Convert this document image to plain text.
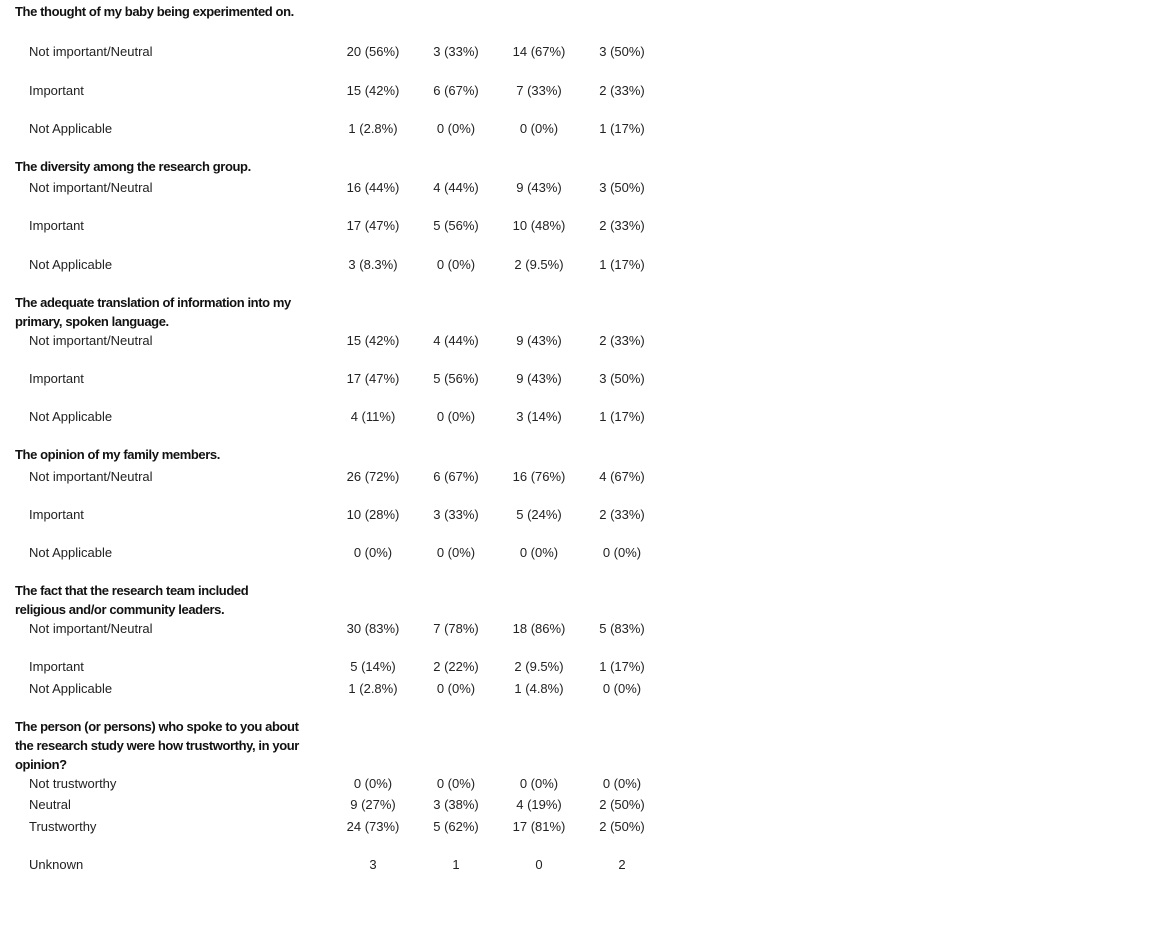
The thought of my baby being experimented on.
Not important/Neutral	20 (56%)	3 (33%)	14 (67%)	3 (50%)
Important	15 (42%)	6 (67%)	7 (33%)	2 (33%)
Not Applicable	1 (2.8%)	0 (0%)	0 (0%)	1 (17%)
The diversity among the research group.
Not important/Neutral	16 (44%)	4 (44%)	9 (43%)	3 (50%)
Important	17 (47%)	5 (56%)	10 (48%)	2 (33%)
Not Applicable	3 (8.3%)	0 (0%)	2 (9.5%)	1 (17%)
The adequate translation of information into my primary, spoken language.
Not important/Neutral	15 (42%)	4 (44%)	9 (43%)	2 (33%)
Important	17 (47%)	5 (56%)	9 (43%)	3 (50%)
Not Applicable	4 (11%)	0 (0%)	3 (14%)	1 (17%)
The opinion of my family members.
Not important/Neutral	26 (72%)	6 (67%)	16 (76%)	4 (67%)
Important	10 (28%)	3 (33%)	5 (24%)	2 (33%)
Not Applicable	0 (0%)	0 (0%)	0 (0%)	0 (0%)
The fact that the research team included religious and/or community leaders.
Not important/Neutral	30 (83%)	7 (78%)	18 (86%)	5 (83%)
Important	5 (14%)	2 (22%)	2 (9.5%)	1 (17%)
Not Applicable	1 (2.8%)	0 (0%)	1 (4.8%)	0 (0%)
The person (or persons) who spoke to you about the research study were how trustworthy, in your opinion?
Not trustworthy	0 (0%)	0 (0%)	0 (0%)	0 (0%)
Neutral	9 (27%)	3 (38%)	4 (19%)	2 (50%)
Trustworthy	24 (73%)	5 (62%)	17 (81%)	2 (50%)
Unknown	3	1	0	2
